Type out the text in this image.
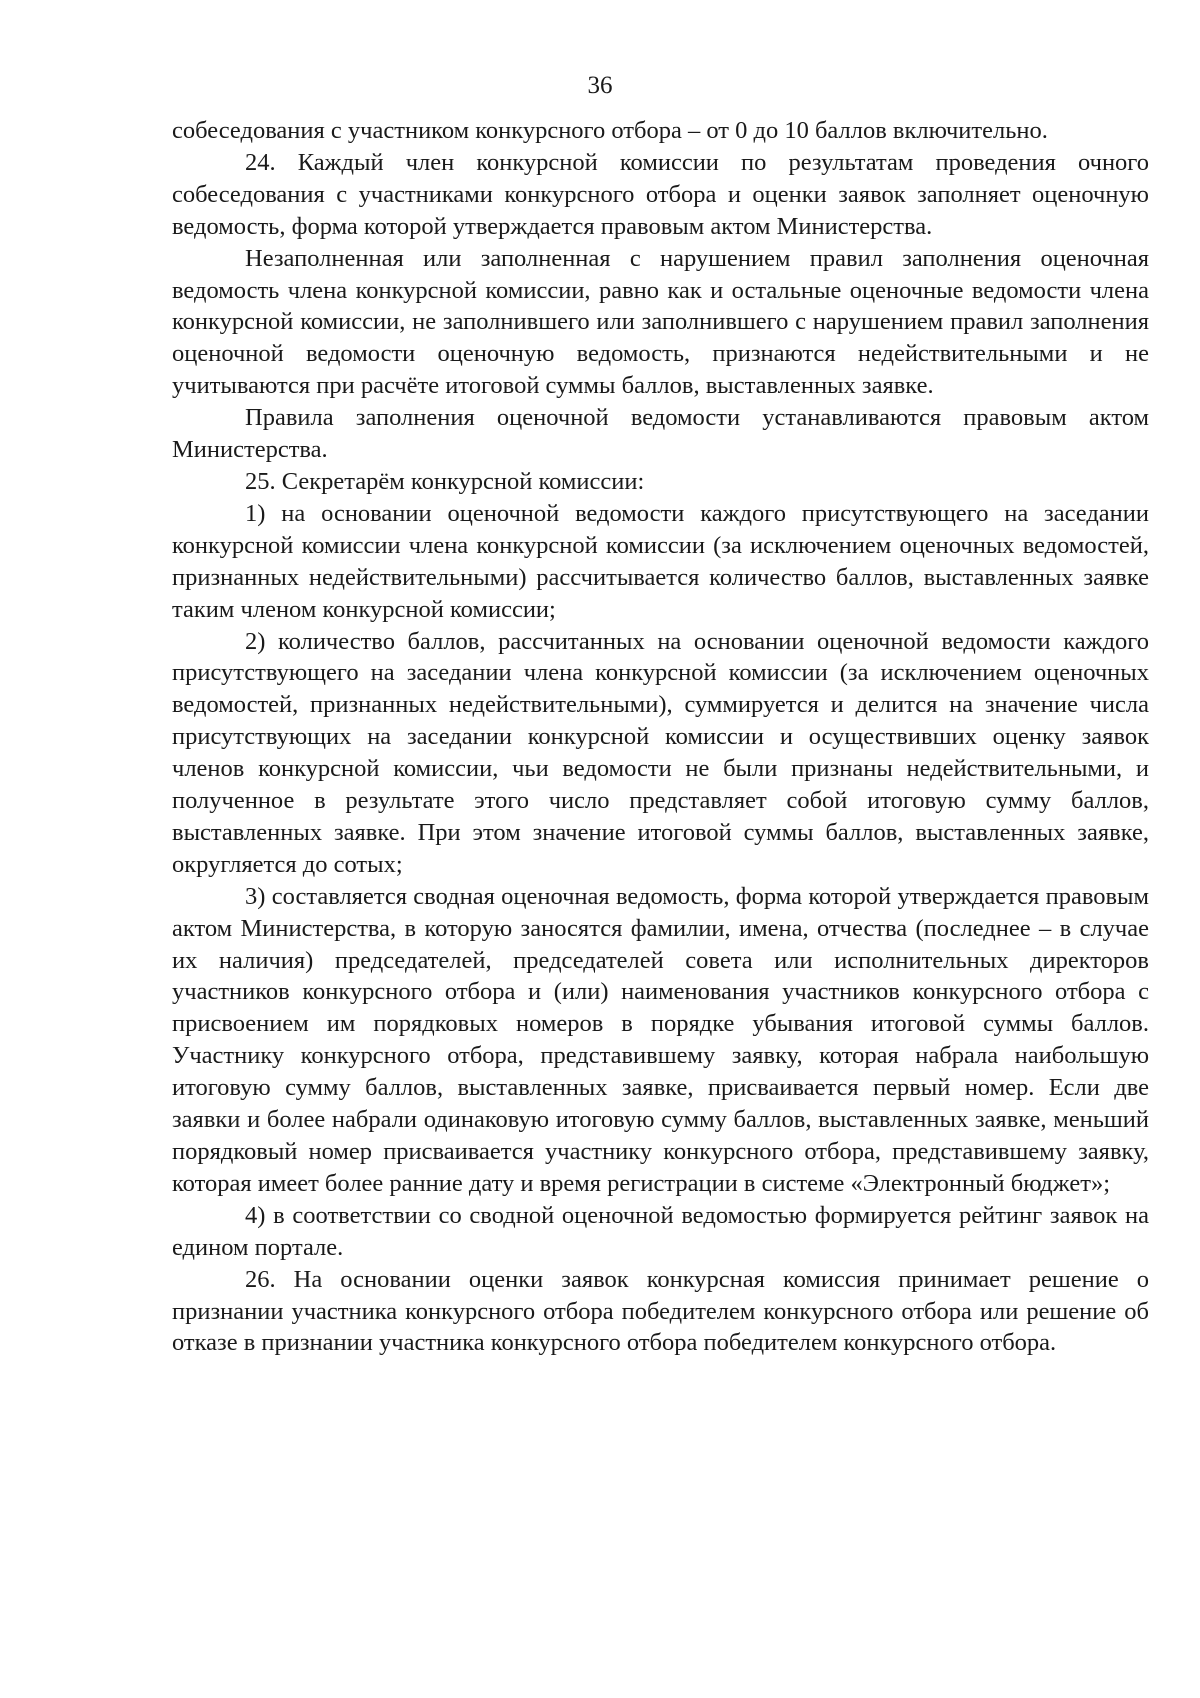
36

собеседования с участником конкурсного отбора – от 0 до 10 баллов включительно.

24. Каждый член конкурсной комиссии по результатам проведения очного собеседования с участниками конкурсного отбора и оценки заявок заполняет оценочную ведомость, форма которой утверждается правовым актом Министерства.

Незаполненная или заполненная с нарушением правил заполнения оценочная ведомость члена конкурсной комиссии, равно как и остальные оценочные ведомости члена конкурсной комиссии, не заполнившего или заполнившего с нарушением правил заполнения оценочной ведомости оценочную ведомость, признаются недействительными и не учитываются при расчёте итоговой суммы баллов, выставленных заявке.

Правила заполнения оценочной ведомости устанавливаются правовым актом Министерства.

25. Секретарём конкурсной комиссии:

1) на основании оценочной ведомости каждого присутствующего на заседании конкурсной комиссии члена конкурсной комиссии (за исключением оценочных ведомостей, признанных недействительными) рассчитывается количество баллов, выставленных заявке таким членом конкурсной комиссии;

2) количество баллов, рассчитанных на основании оценочной ведомости каждого присутствующего на заседании члена конкурсной комиссии (за исключением оценочных ведомостей, признанных недействительными), суммируется и делится на значение числа присутствующих на заседании конкурсной комиссии и осуществивших оценку заявок членов конкурсной комиссии, чьи ведомости не были признаны недействительными, и полученное в результате этого число представляет собой итоговую сумму баллов, выставленных заявке. При этом значение итоговой суммы баллов, выставленных заявке, округляется до сотых;

3) составляется сводная оценочная ведомость, форма которой утверждается правовым актом Министерства, в которую заносятся фамилии, имена, отчества (последнее – в случае их наличия) председателей, председателей совета или исполнительных директоров участников конкурсного отбора и (или) наименования участников конкурсного отбора с присвоением им порядковых номеров в порядке убывания итоговой суммы баллов. Участнику конкурсного отбора, представившему заявку, которая набрала наибольшую итоговую сумму баллов, выставленных заявке, присваивается первый номер. Если две заявки и более набрали одинаковую итоговую сумму баллов, выставленных заявке, меньший порядковый номер присваивается участнику конкурсного отбора, представившему заявку, которая имеет более ранние дату и время регистрации в системе «Электронный бюджет»;

4) в соответствии со сводной оценочной ведомостью формируется рейтинг заявок на едином портале.

26. На основании оценки заявок конкурсная комиссия принимает решение о признании участника конкурсного отбора победителем конкурсного отбора или решение об отказе в признании участника конкурсного отбора победителем конкурсного отбора.
